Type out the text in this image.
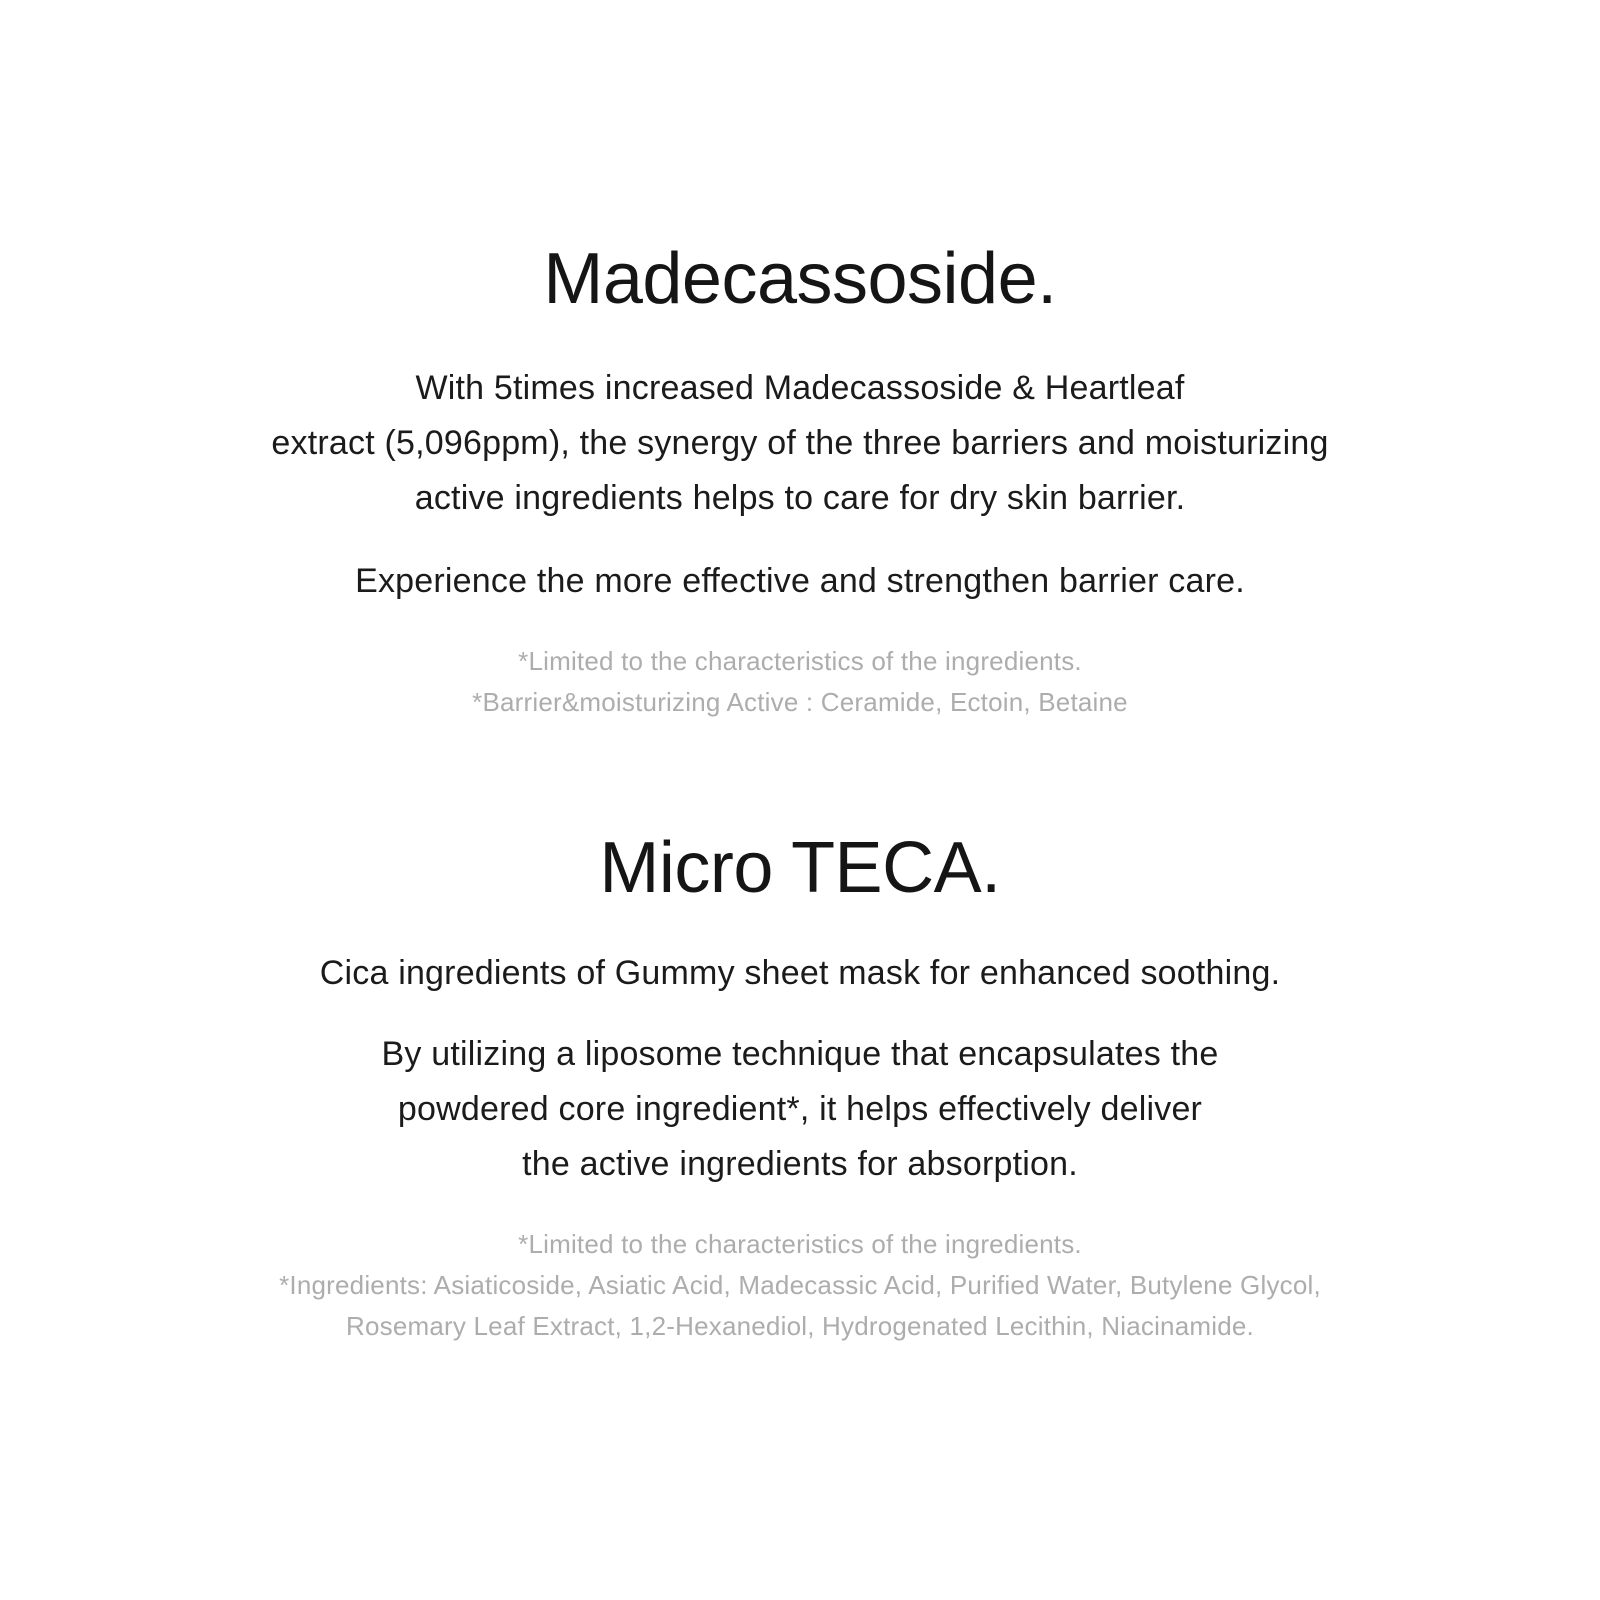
Madecassoside.
With 5times increased Madecassoside & Heartleaf
extract (5,096ppm), the synergy of the three barriers and moisturizing
active ingredients helps to care for dry skin barrier.
Experience the more effective and strengthen barrier care.
*Limited to the characteristics of the ingredients.
*Barrier&moisturizing Active : Ceramide, Ectoin, Betaine
Micro TECA.
Cica ingredients of Gummy sheet mask for enhanced soothing.
By utilizing a liposome technique that encapsulates the
powdered core ingredient*, it helps effectively deliver
the active ingredients for absorption.
*Limited to the characteristics of the ingredients.
*Ingredients: Asiaticoside, Asiatic Acid, Madecassic Acid, Purified Water, Butylene Glycol,
Rosemary Leaf Extract, 1,2-Hexanediol, Hydrogenated Lecithin, Niacinamide.
